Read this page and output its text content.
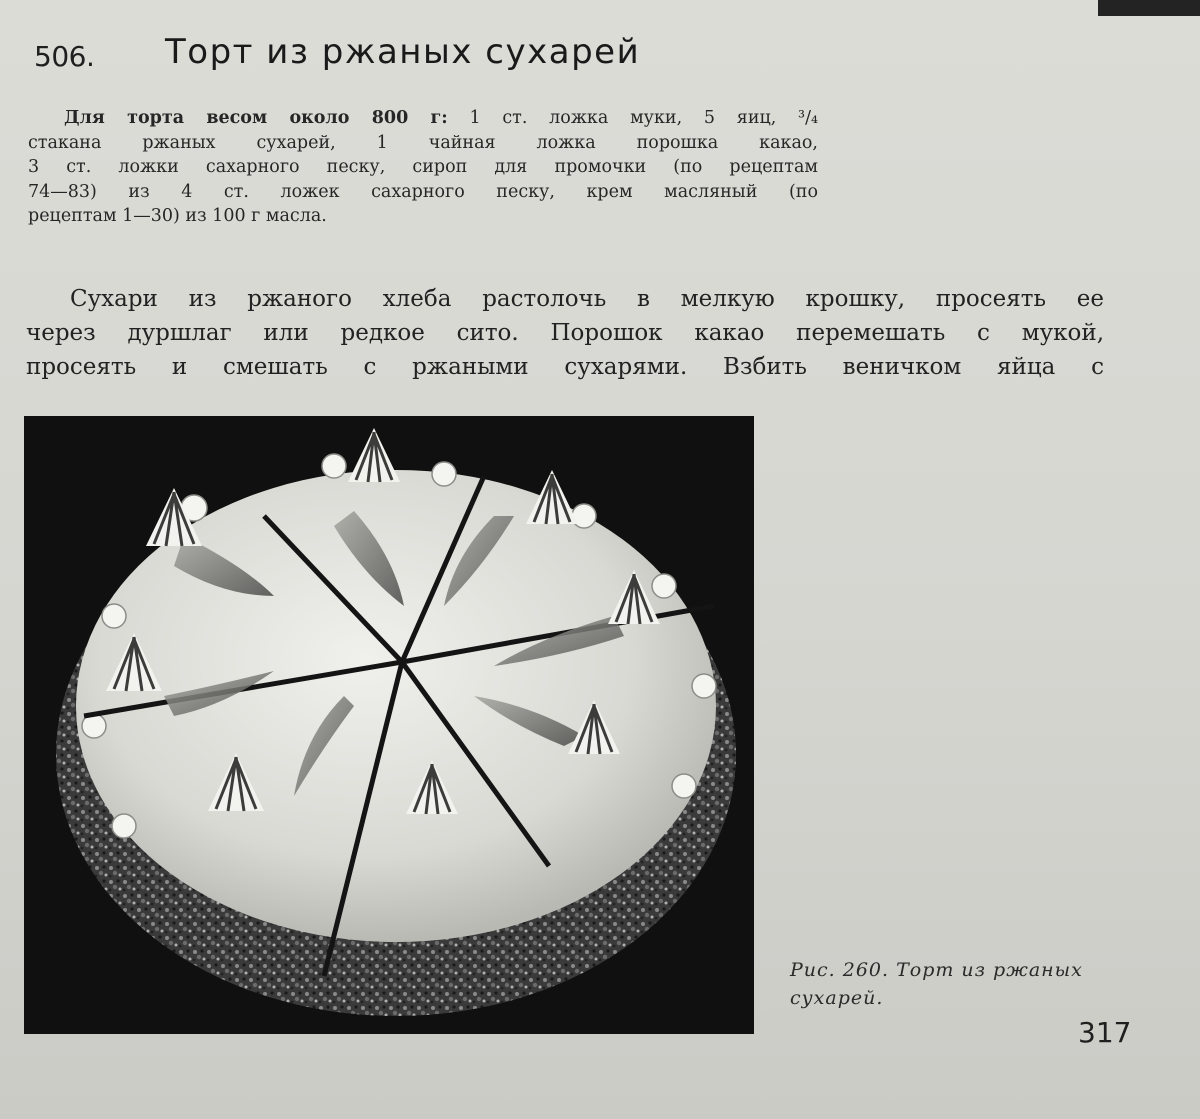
506. Торт из ржаных сухарей
Для торта весом около 800 г: 1 ст. ложка муки, 5 яиц, ³/₄
стакана ржаных сухарей, 1 чайная ложка порошка какао,
3 ст. ложки сахарного песку, сироп для промочки (по рецептам
74—83) из 4 ст. ложек сахарного песку, крем масляный (по
рецептам 1—30) из 100 г масла.
Сухари из ржаного хлеба растолочь в мелкую крошку, просеять ее
через дуршлаг или редкое сито. Порошок какао перемешать с мукой,
просеять и смешать с ржаными сухарями. Взбить веничком яйца с
Рис. 260. Торт из ржаных
сухарей.
317
